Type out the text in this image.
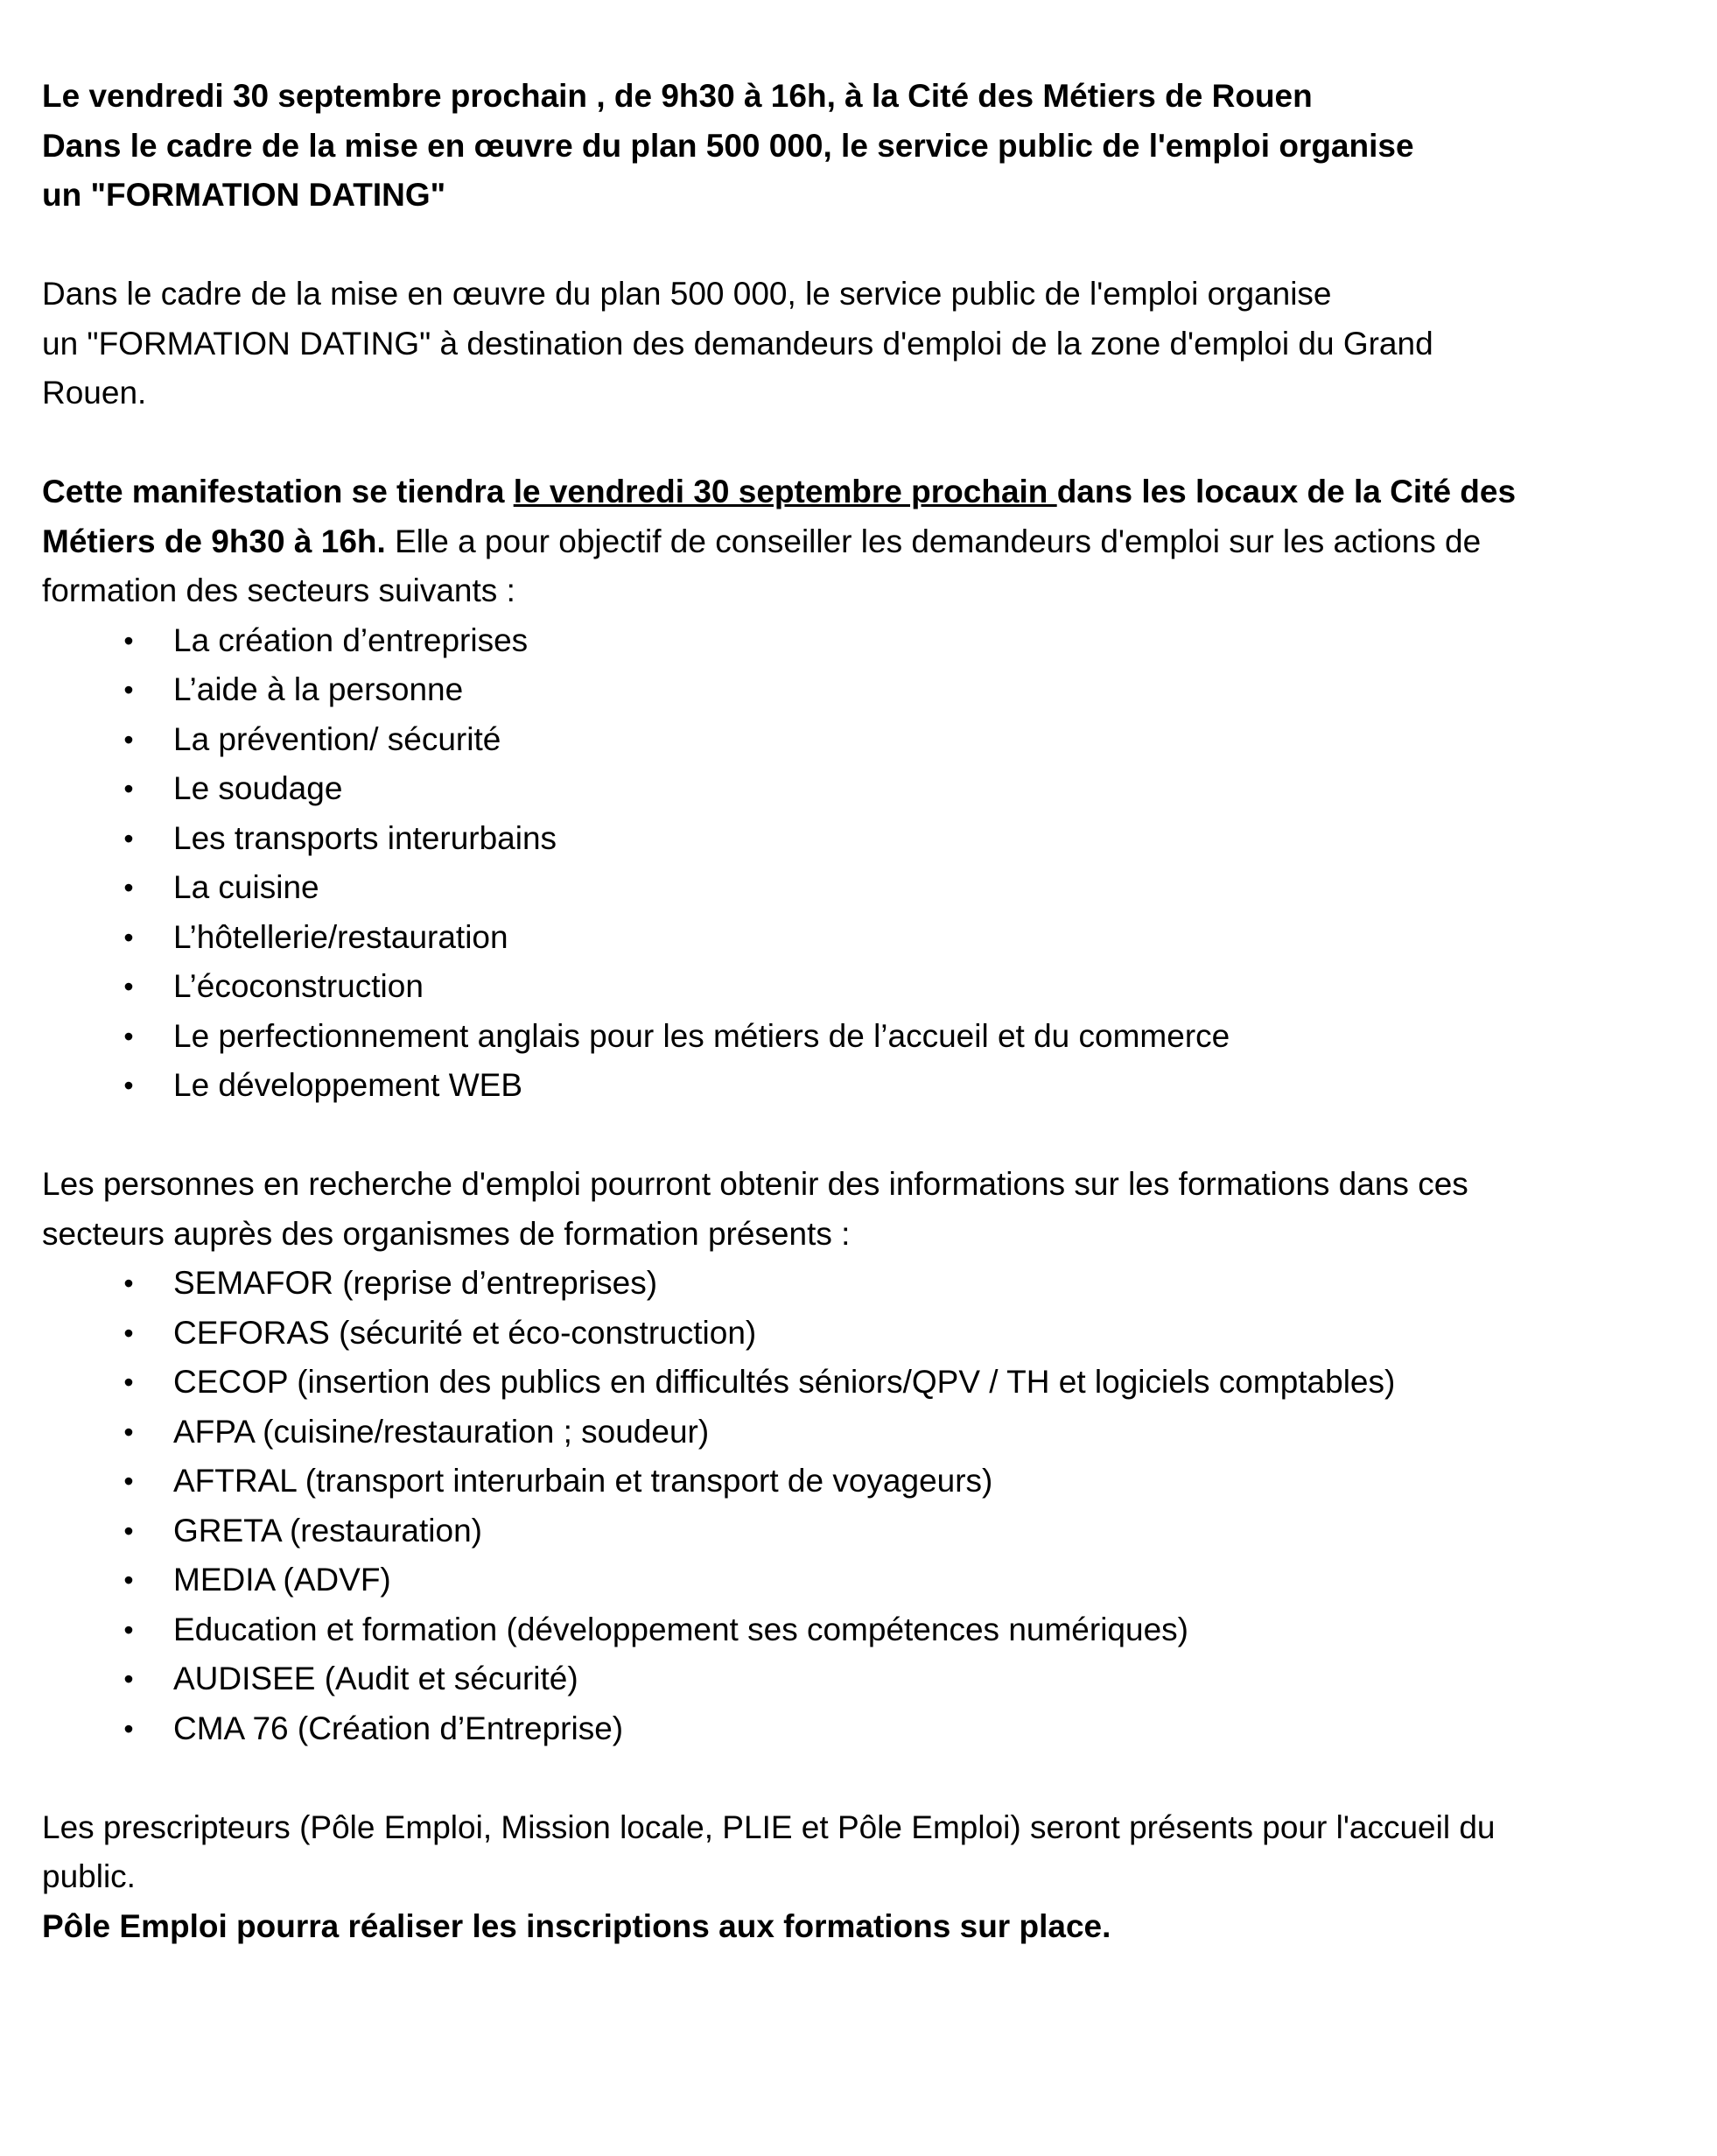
Le vendredi 30 septembre prochain , de 9h30 à 16h, à la Cité des Métiers de Rouen
Dans le cadre de la mise en œuvre du plan 500 000, le service public de l'emploi organise
un "FORMATION DATING"
Dans le cadre de la mise en œuvre du plan 500 000, le service public de l'emploi organise
un "FORMATION DATING" à destination des demandeurs d'emploi de la zone d'emploi du Grand
Rouen.
Cette manifestation se tiendra le vendredi 30 septembre prochain dans les locaux de la Cité des
Métiers de 9h30 à 16h. Elle a pour objectif de conseiller les demandeurs d'emploi sur les actions de
formation des secteurs suivants :
• La création d’entreprises
• L’aide à la personne
• La prévention/ sécurité
• Le soudage
• Les transports interurbains
• La cuisine
• L’hôtellerie/restauration
• L’écoconstruction
• Le perfectionnement anglais pour les métiers de l’accueil et du commerce
• Le développement WEB
Les personnes en recherche d'emploi pourront obtenir des informations sur les formations dans ces
secteurs auprès des organismes de formation présents :
• SEMAFOR (reprise d’entreprises)
• CEFORAS (sécurité et éco-construction)
• CECOP (insertion des publics en difficultés séniors/QPV / TH et logiciels comptables)
• AFPA (cuisine/restauration ; soudeur)
• AFTRAL (transport interurbain et transport de voyageurs)
• GRETA (restauration)
• MEDIA (ADVF)
• Education et formation (développement ses compétences numériques)
• AUDISEE (Audit et sécurité)
• CMA 76 (Création d’Entreprise)
Les prescripteurs (Pôle Emploi, Mission locale, PLIE et Pôle Emploi) seront présents pour l'accueil du
public.
Pôle Emploi pourra réaliser les inscriptions aux formations sur place.
